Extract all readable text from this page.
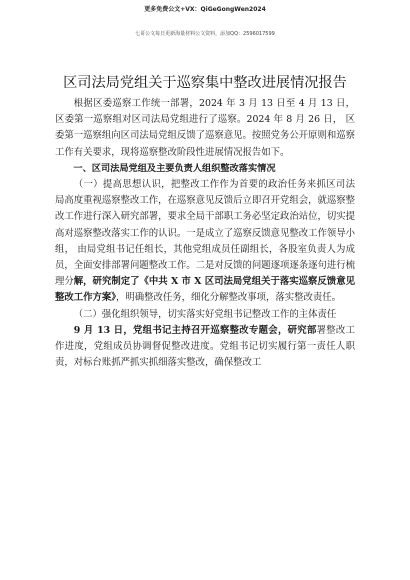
更多免费公文+VX：QiGeGongWen2024
七哥公文每日更新海量材料公文资料，添加QQ：2596017599
区司法局党组关于巡察集中整改进展情况报告

根据区委巡察工作统一部署，2024 年 3 月 13 日至 4 月 13 日， 区委第一巡察组对区司法局党组进行了巡察。2024 年 8 月 26 日， 区委第一巡察组向区司法局党组反馈了巡察意见。按照党务公开原则和巡察工作有关要求，现将巡察整改阶段性进展情况报告如下。

一、区司法局党组及主要负责人组织整改落实情况

（一）提高思想认识，把整改工作作为首要的政治任务来抓区司法局高度重视巡察整改工作，在巡察意见反馈后立即召开党组会，就巡察整改工作进行深入研究部署，要求全局干部职工务必坚定政治站位，切实提高对巡察整改落实工作的认识。一是成立了巡察反馈意见整改工作领导小组， 由局党组书记任组长，其他党组成员任副组长，各股室负责人为成员，全面安排部署问题整改工作。二是对反馈的问题逐项逐条逐句进行梳理分解，研究制定了《中共 X 市 X 区司法局党组关于落实巡察反馈意见整改工作方案》，明确整改任务，细化分解整改事项，落实整改责任。

（二）强化组织领导，切实落实好党组书记整改工作的主体责任

9 月 13 日，党组书记主持召开巡察整改专题会，研究部署整改工作进度，党组成员协调督促整改进度。党组书记切实履行第一责任人职责，对标台账抓严抓实抓细落实整改，确保整改工
